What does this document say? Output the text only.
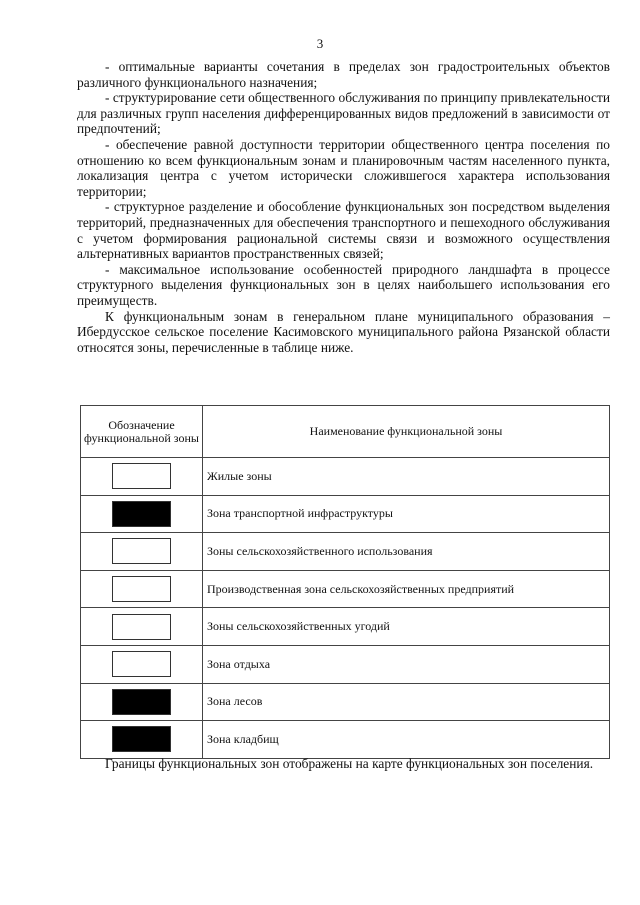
3

- оптимальные варианты сочетания в пределах зон градостроительных объектов различного функционального назначения;

- структурирование сети общественного обслуживания по принципу привлекательности для различных групп населения дифференцированных видов предложений в зависимости от предпочтений;

- обеспечение равной доступности территории общественного центра поселения по отношению ко всем функциональным зонам и планировочным частям населенного пункта, локализация центра с учетом исторически сложившегося характера использования территории;

- структурное разделение и обособление функциональных зон посредством выделения территорий, предназначенных для обеспечения транспортного и пешеходного обслуживания с учетом формирования рациональной системы связи и возможного осуществления альтернативных вариантов пространственных связей;

- максимальное использование особенностей природного ландшафта в процессе структурного выделения функциональных зон в целях наибольшего использования его преимуществ.

К функциональным зонам в генеральном плане муниципального образования – Ибердусское сельское поселение Касимовского муниципального района Рязанской области относятся зоны, перечисленные в таблице ниже.

Обозначение функциональной зоны	Наименование функциональной зоны
	Жилые зоны
	Зона транспортной инфраструктуры
	Зоны сельскохозяйственного использования
	Производственная зона сельскохозяйственных предприятий
	Зоны сельскохозяйственных угодий
	Зона отдыха
	Зона лесов
	Зона кладбищ

Границы функциональных зон отображены на карте функциональных зон поселения.
